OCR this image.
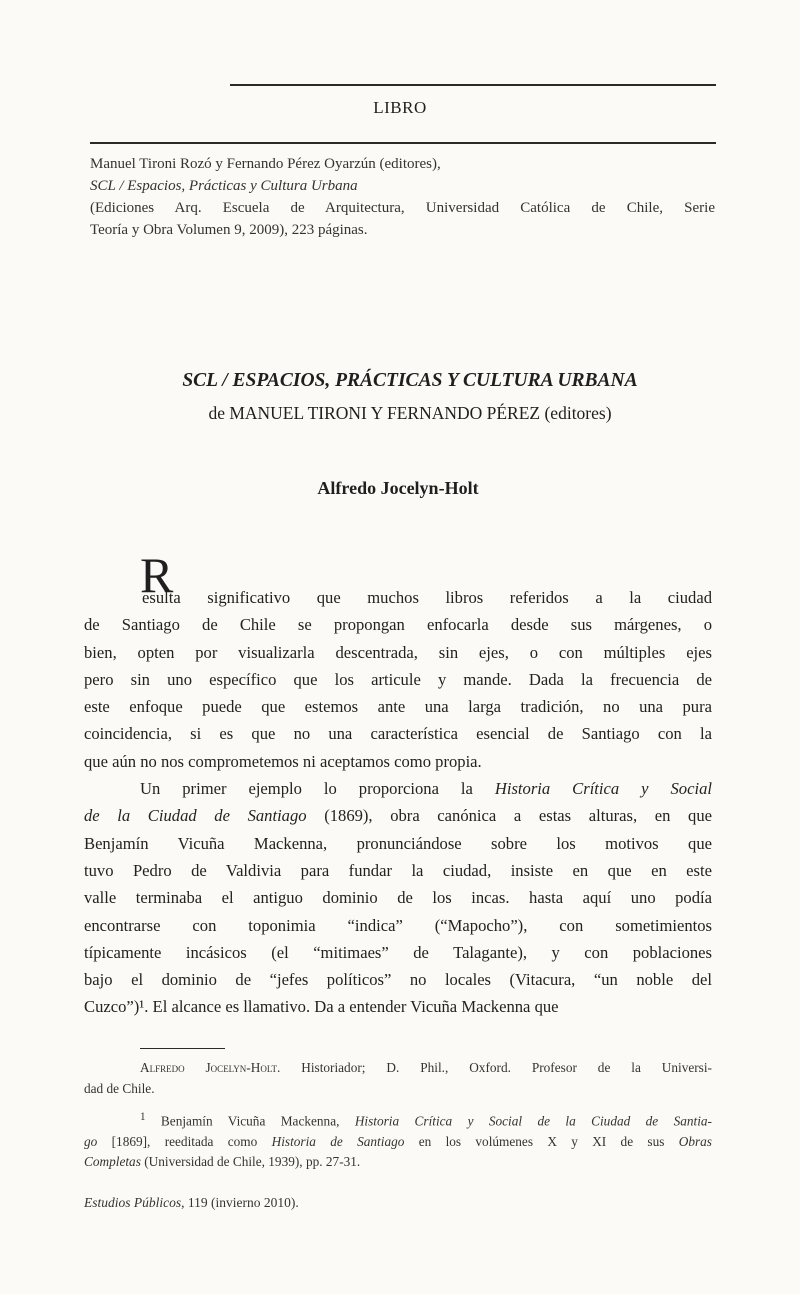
LIBRO
Manuel Tironi Rozó y Fernando Pérez Oyarzún (editores),
SCL / Espacios, Prácticas y Cultura Urbana
(Ediciones Arq. Escuela de Arquitectura, Universidad Católica de Chile, Serie
Teoría y Obra Volumen 9, 2009), 223 páginas.
SCL / ESPACIOS, PRÁCTICAS Y CULTURA URBANA
de MANUEL TIRONI Y FERNANDO PÉREZ (editores)
Alfredo Jocelyn-Holt
R
esulta significativo que muchos libros referidos a la ciudad
de Santiago de Chile se propongan enfocarla desde sus márgenes, o
bien, opten por visualizarla descentrada, sin ejes, o con múltiples ejes
pero sin uno específico que los articule y mande. Dada la frecuencia de
este enfoque puede que estemos ante una larga tradición, no una pura
coincidencia, si es que no una característica esencial de Santiago con la
que aún no nos comprometemos ni aceptamos como propia.
Un primer ejemplo lo proporciona la Historia Crítica y Social
de la Ciudad de Santiago (1869), obra canónica a estas alturas, en que
Benjamín Vicuña Mackenna, pronunciándose sobre los motivos que
tuvo Pedro de Valdivia para fundar la ciudad, insiste en que en este
valle terminaba el antiguo dominio de los incas. hasta aquí uno podía
encontrarse con toponimia “indica” (“Mapocho”), con sometimientos
típicamente incásicos (el “mitimaes” de Talagante), y con poblaciones
bajo el dominio de “jefes políticos” no locales (Vitacura, “un noble del
Cuzco”)¹. El alcance es llamativo. Da a entender Vicuña Mackenna que
Alfredo Jocelyn-Holt. Historiador; D. Phil., Oxford. Profesor de la Universi-
dad de Chile.
$^1$ Benjamín Vicuña Mackenna, Historia Crítica y Social de la Ciudad de Santia-
go [1869], reeditada como Historia de Santiago en los volúmenes X y XI de sus Obras
Completas (Universidad de Chile, 1939), pp. 27-31.
Estudios Públicos, 119 (invierno 2010).
